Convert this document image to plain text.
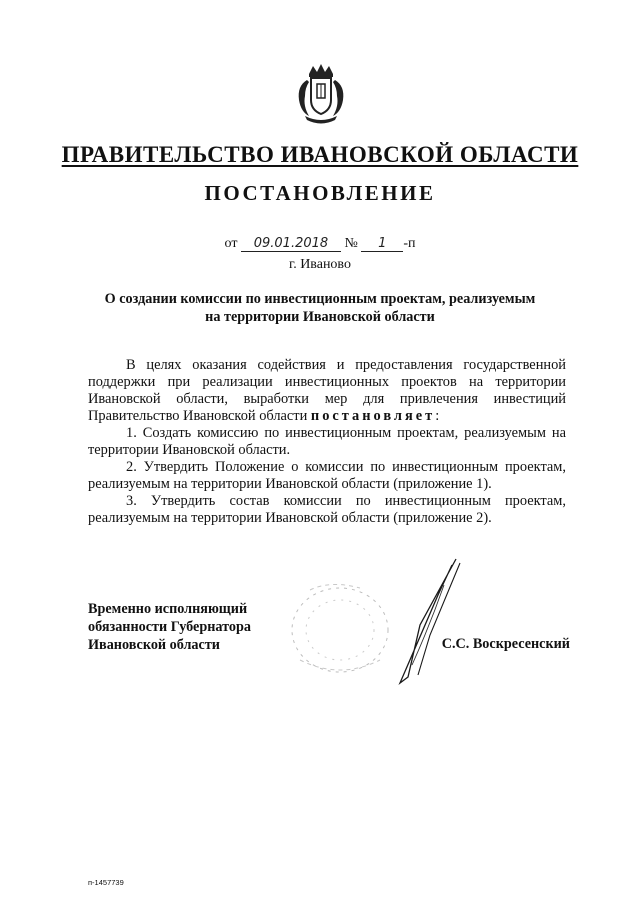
ПРАВИТЕЛЬСТВО ИВАНОВСКОЙ ОБЛАСТИ
ПОСТАНОВЛЕНИЕ
от 09.01.2018 № 1 -п
г. Иваново
О создании комиссии по инвестиционным проектам, реализуемым
на территории Ивановской области

В целях оказания содействия и предоставления государственной поддержки при реализации инвестиционных проектов на территории Ивановской области, выработки мер для привлечения инвестиций Правительство Ивановской области постановляет:

1. Создать комиссию по инвестиционным проектам, реализуемым на территории Ивановской области.

2. Утвердить Положение о комиссии по инвестиционным проектам, реализуемым на территории Ивановской области (приложение 1).

3. Утвердить состав комиссии по инвестиционным проектам, реализуемым на территории Ивановской области (приложение 2).

Временно исполняющий
обязанности Губернатора
Ивановской области	С.С. Воскресенский
п-1457739
